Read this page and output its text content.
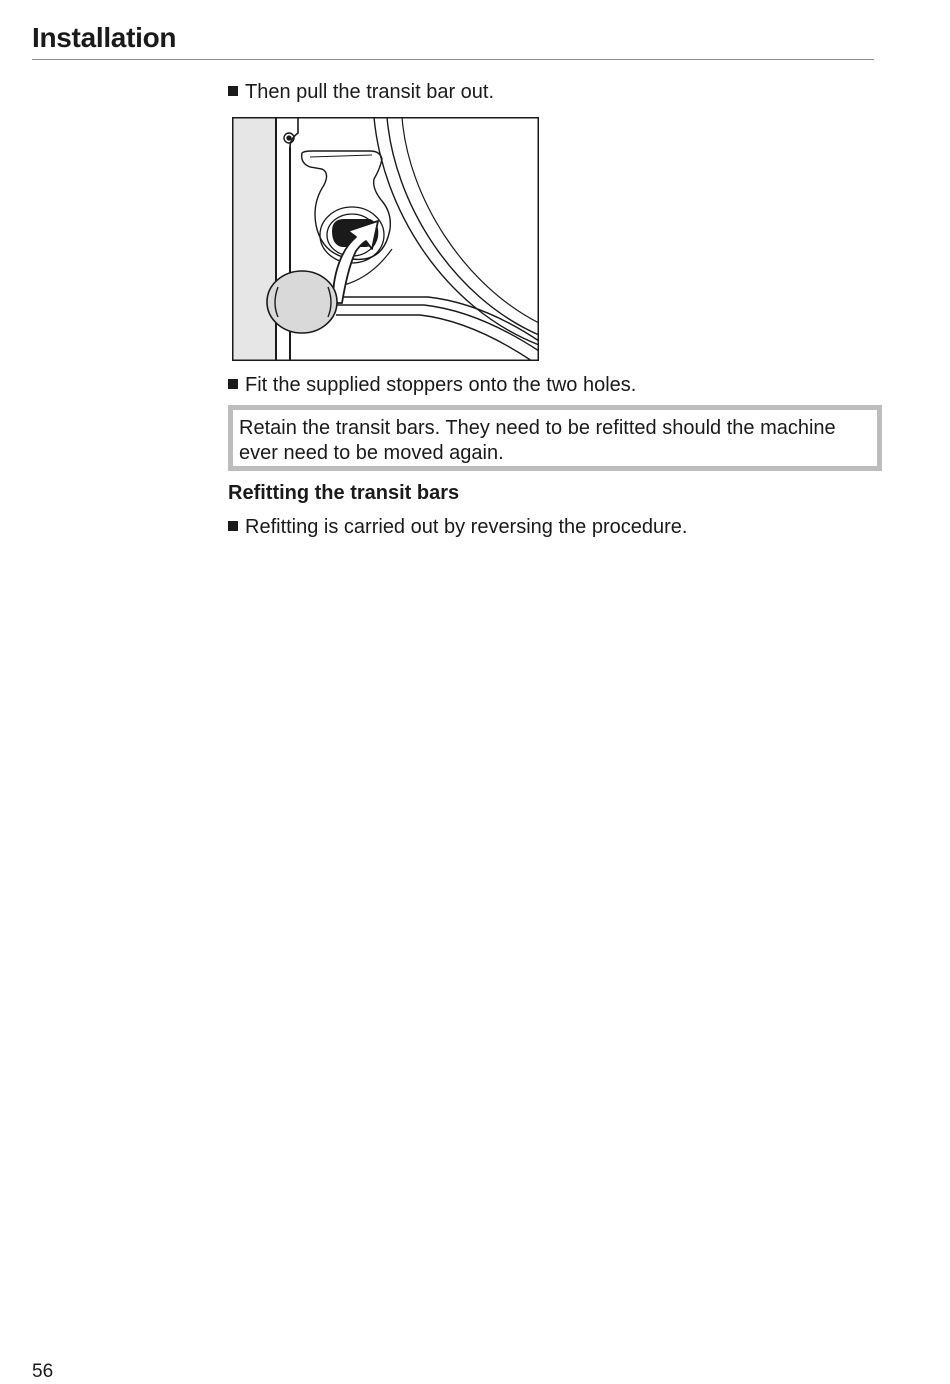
Installation
Then pull the transit bar out.
Fit the supplied stoppers onto the two holes.

Retain the transit bars. They need to be refitted should the machine ever need to be moved again.

Refitting the transit bars
Refitting is carried out by reversing the procedure.
56
